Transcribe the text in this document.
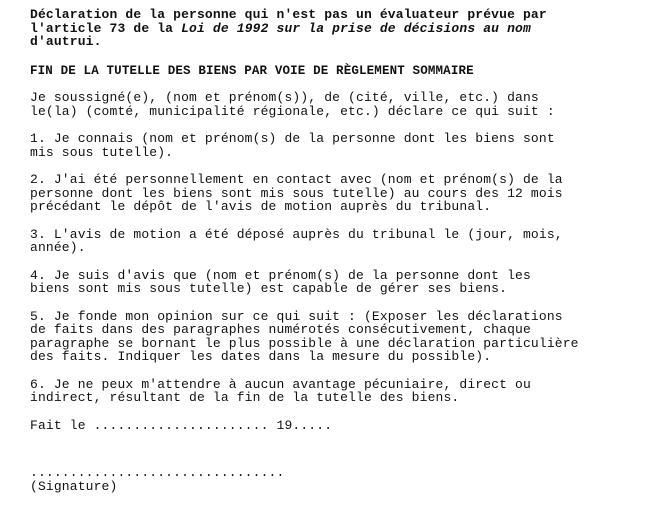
Déclaration de la personne qui n'est pas un évaluateur prévue par
l'article 73 de la Loi de 1992 sur la prise de décisions au nom
d'autrui.

FIN DE LA TUTELLE DES BIENS PAR VOIE DE RÈGLEMENT SOMMAIRE

Je soussigné(e), (nom et prénom(s)), de (cité, ville, etc.) dans
le(la) (comté, municipalité régionale, etc.) déclare ce qui suit :

1. Je connais (nom et prénom(s) de la personne dont les biens sont
mis sous tutelle).

2. J'ai été personnellement en contact avec (nom et prénom(s) de la
personne dont les biens sont mis sous tutelle) au cours des 12 mois
précédant le dépôt de l'avis de motion auprès du tribunal.

3. L'avis de motion a été déposé auprès du tribunal le (jour, mois,
année).

4. Je suis d'avis que (nom et prénom(s) de la personne dont les
biens sont mis sous tutelle) est capable de gérer ses biens.

5. Je fonde mon opinion sur ce qui suit : (Exposer les déclarations
de faits dans des paragraphes numérotés consécutivement, chaque
paragraphe se bornant le plus possible à une déclaration particulière
des faits. Indiquer les dates dans la mesure du possible).

6. Je ne peux m'attendre à aucun avantage pécuniaire, direct ou
indirect, résultant de la fin de la tutelle des biens.

Fait le ...................... 19.....

................................

(Signature)
